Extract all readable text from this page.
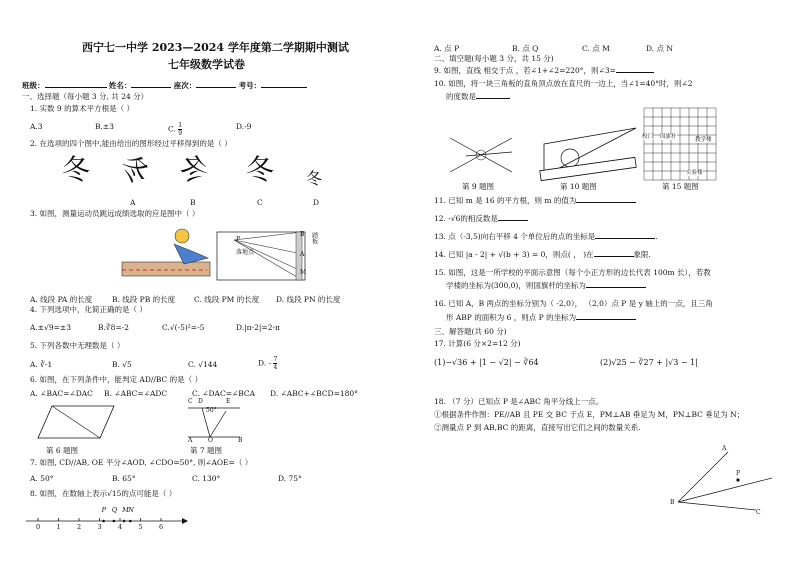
西宁七一中学 2023—2024 学年度第二学期期中测试
七年级数学试卷
班级：	姓名：	座次：	考号：
一、选择题（每小题 3 分, 共 24 分）
1. 实数 9 的算术平方根是（ ）
A.3	B.±3	C. $\frac{1}{9}$	D.-9
2. 在选项的四个图中,能由给出的图形经过平移得到的是（ ）
冬 冬 冬 冬 冬
A	B	C	D
3. 如图，测量运动员跳远成绩选取的应是图中（ ）
P
B
A
M
落地点
踏板
A. 线段 PA 的长度	B. 线段 PB 的长度	C. 线段 PM 的长度 D. 线段 PN 的长度
4. 下列选项中，化简正确的是（ ）
A.±√9=±3	B.∛8=-2	C.√(-5)²=-5	D.|π-2|=2-π
5. 下列各数中无理数是（ ）
A. ∛-1	B. √5	C. √144	D. - $\frac{7}{4}$
6. 如图，在下列条件中，能判定 AD//BC 的是（ ）
A. ∠BAC=∠DAC B. ∠ABC=∠ADC	C. ∠DAC=∠BCA D. ∠ABC+∠BCD=180°
第 6 题图
C
50°
O
E
D
A	B
第 7 题图
7. 如图, CD//AB, OE 平分∠AOD, ∠CDO=50°, 则∠AOE=（ ）
A. 50°	B. 65°	C. 130°	D. 75°
8. 如图，在数轴上表示√15的点可能是（ ）
0	1	2	3	4	5	6
P Q M N
A. 点 P	B. 点 Q	C. 点 M	D. 点 N
二、填空题(每小题 3 分，共 15 分)
9. 如图，直线 相交于点 ，若∠1+∠2=220°，则∠3=
10. 如图，将一块三角板的直角顶点放在直尺的一边上，当∠1=40°时，则∠2
的度数是
第 9 题图	第 10 题图
校门 国旗杆	教学楼
实验楼
第 15 题图
11. 已知 m 是 16 的平方根，则 m 的值为
12. -√6的相反数是
13. 点（-3,5)向右平移 4 个单位后的点的坐标是	.
14. 已知 |a - 2| + √(b + 3) = 0，则点( ， )在	象限.
15. 如图，这是一所学校的平面示意图（每个小正方形的边长代表 100m 长），若教
学楼的坐标为(300,0)，则国旗杆的坐标为
16. 已知 A，B 两点的坐标分别为（ -2,0）， （2,0）点 P 是 y 轴上的一点，且三角
形 ABP 的面积为 6 ，则点 P 的坐标为
三、解答题(共 60 分)
17. 计算(6 分×2=12 分)
(1)−√36 + |1 − √2| − ∛64	(2)√25 − ∛27 + |√3 − 1|
18. （7 分）已知点 P 是∠ABC 角平分线上一点。
①根据条件作图：PE//AB 且 PE 交 BC 于点 E，PM⊥AB 垂足为 M，PN⊥BC 垂足为 N；
②测量点 P 到 AB,BC 的距离，直接写出它们之间的数量关系.
A
P
B
C
